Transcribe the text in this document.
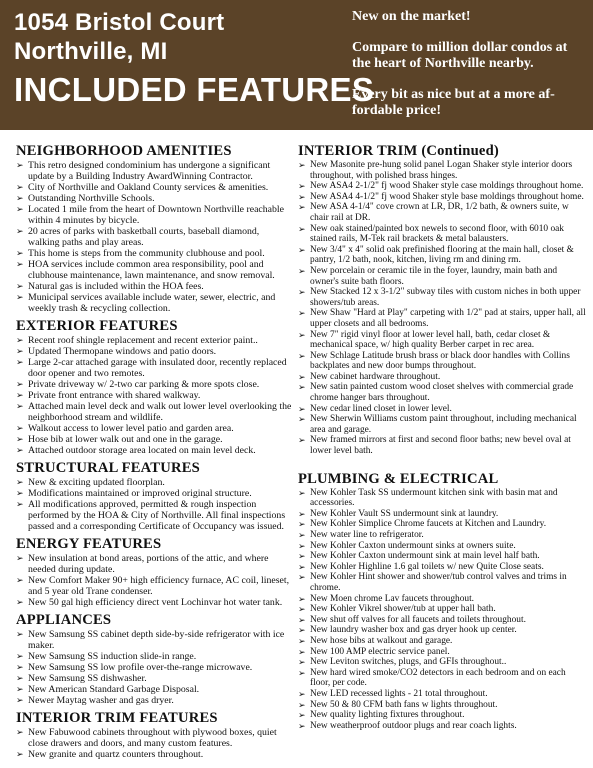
1054 Bristol Court
Northville, MI
INCLUDED FEATURES

New on the market!

Compare to million dollar condos at the heart of Northville nearby.

Every bit as nice but at a more affordable price!

NEIGHBORHOOD AMENITIES
➢ This retro designed condominium has undergone a significant update by a Building Industry AwardWinning Contractor.
➢ City of Northville and Oakland County services & amenities.
➢ Outstanding Northville Schools.
➢ Located 1 mile from the heart of Downtown Northville reachable within 4 minutes by bicycle.
➢ 20 acres of parks with basketball courts, baseball diamond, walking paths and play areas.
➢ This home is steps from the community clubhouse and pool.
➢ HOA services include common area responsibility, pool and clubhouse maintenance, lawn maintenance, and snow removal.
➢ Natural gas is included within the HOA fees.
➢ Municipal services available include water, sewer, electric, and weekly trash & recycling collection.
EXTERIOR FEATURES
➢ Recent roof shingle replacement and recent exterior paint..
➢ Updated Thermopane windows and patio doors.
➢ Large 2-car attached garage with insulated door, recently replaced door opener and two remotes.
➢ Private driveway w/ 2-two car parking & more spots close.
➢ Private front entrance with shared walkway.
➢ Attached main level deck and walk out lower level overlooking the neighborhood stream and wildlife.
➢ Walkout access to lower level patio and garden area.
➢ Hose bib at lower walk out and one in the garage.
➢ Attached outdoor storage area located on main level deck.
STRUCTURAL FEATURES
➢ New & exciting updated floorplan.
➢ Modifications maintained or improved original structure.
➢ All modifications approved, permitted & rough inspection performed by the HOA & City of Northville. All final inspections passed and a corresponding Certificate of Occupancy was issued.
ENERGY FEATURES
➢ New insulation at bond areas, portions of the attic, and where needed during update.
➢ New Comfort Maker 90+ high efficiency furnace, AC coil, lineset, and 5 year old Trane condenser.
➢ New 50 gal high efficiency direct vent Lochinvar hot water tank.
APPLIANCES
➢ New Samsung SS cabinet depth side-by-side refrigerator with ice maker.
➢ New Samsung SS induction slide-in range.
➢ New Samsung SS low profile over-the-range microwave.
➢ New Samsung SS dishwasher.
➢ New American Standard Garbage Disposal.
➢ Newer Maytag washer and gas dryer.
INTERIOR TRIM FEATURES
➢ New Fabuwood cabinets throughout with plywood boxes, quiet close drawers and doors, and many custom features.
➢ New granite and quartz counters throughout.
INTERIOR TRIM (Continued)
➢ New Masonite pre-hung solid panel Logan Shaker style interior doors throughout, with polished brass hinges.
➢ New ASA4 2-1/2" fj wood Shaker style case moldings throughout home.
➢ New ASA4 4-1/2" fj wood Shaker style base moldings throughout home.
➢ New ASA 4-1/4" cove crown at LR, DR, 1/2 bath, & owners suite, w chair rail at DR.
➢ New oak stained/painted box newels to second floor, with 6010 oak stained rails, M-Tek rail brackets & metal balausters.
➢ New 3/4" x 4" solid oak prefinished flooring at the main hall, closet & pantry, 1/2 bath, nook, kitchen, living rm and dining rm.
➢ New porcelain or ceramic tile in the foyer, laundry, main bath and owner's suite bath floors.
➢ New Stacked 12 x 3-1/2" subway tiles with custom niches in both upper showers/tub areas.
➢ New Shaw "Hard at Play" carpeting with 1/2" pad at stairs, upper hall, all upper closets and all bedrooms.
➢ New 7" rigid vinyl floor at lower level hall, bath, cedar closet & mechanical space, w/ high quality Berber carpet in rec area.
➢ New Schlage Latitude brush brass or black door handles with Collins backplates and new door bumps throughout.
➢ New cabinet hardware throughout.
➢ New satin painted custom wood closet shelves with commercial grade chrome hanger bars throughout.
➢ New cedar lined closet in lower level.
➢ New Sherwin Williams custom paint throughout, including mechanical area and garage.
➢ New framed mirrors at first and second floor baths; new bevel oval at lower level bath.
PLUMBING & ELECTRICAL
➢ New Kohler Task SS undermount kitchen sink with basin mat and accessories.
➢ New Kohler Vault SS undermount sink at laundry.
➢ New Kohler Simplice Chrome faucets at Kitchen and Laundry.
➢ New water line to refrigerator.
➢ New Kohler Caxton undermount sinks at owners suite.
➢ New Kohler Caxton undermount sink at main level half bath.
➢ New Kohler Highline 1.6 gal toilets w/ new Quite Close seats.
➢ New Kohler Hint shower and shower/tub control valves and trims in chrome.
➢ New Moen chrome Lav faucets throughout.
➢ New Kohler Vikrel shower/tub at upper hall bath.
➢ New shut off valves for all faucets and toilets throughout.
➢ New laundry washer box and gas dryer hook up center.
➢ New hose bibs at walkout and garage.
➢ New 100 AMP electric service panel.
➢ New Leviton switches, plugs, and GFIs throughout..
➢ New hard wired smoke/CO2 detectors in each bedroom and on each floor, per code.
➢ New LED recessed lights - 21 total throughout.
➢ New 50 & 80 CFM bath fans w lights throughout.
➢ New quality lighting fixtures throughout.
➢ New weatherproof outdoor plugs and rear coach lights.
